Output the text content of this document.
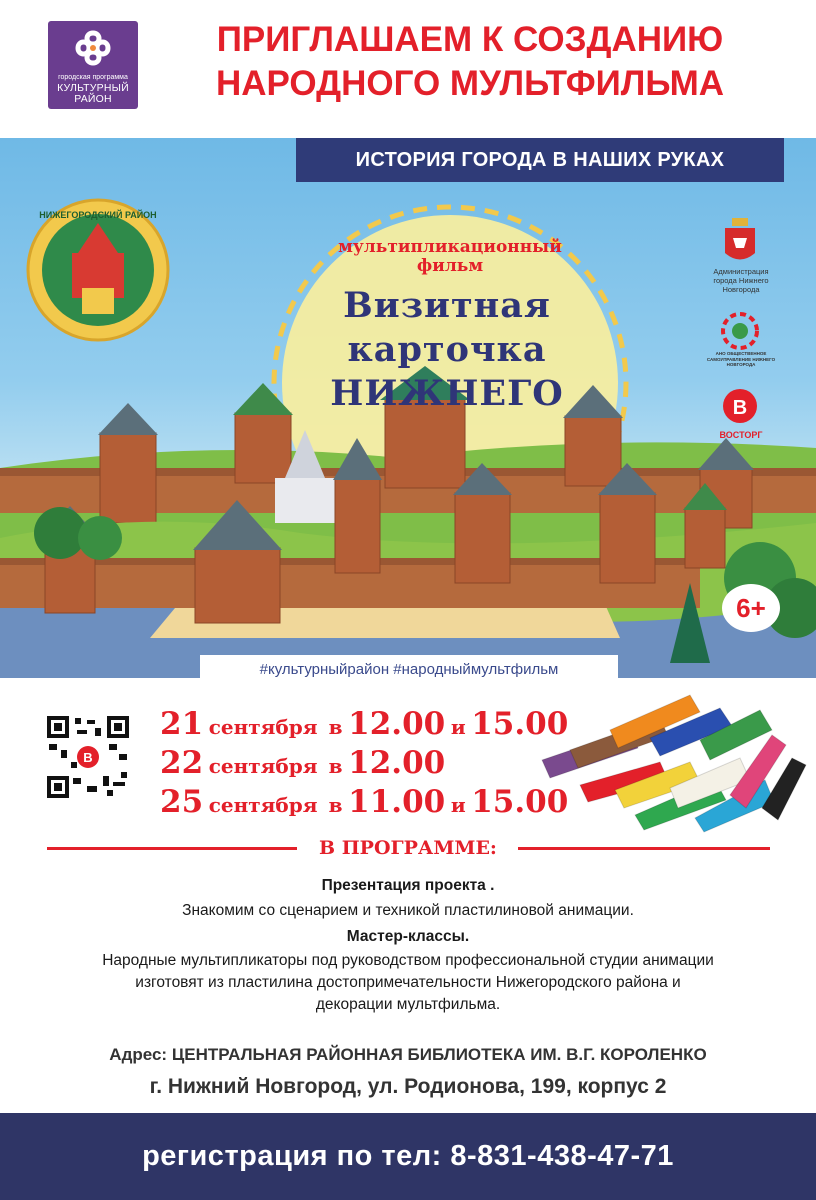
городская программа
КУЛЬТУРНЫЙ РАЙОН
ПРИГЛАШАЕМ К СОЗДАНИЮ
НАРОДНОГО МУЛЬТФИЛЬМА
НИЖЕГОРОДСКИЙ РАЙОН
В
ИСТОРИЯ ГОРОДА В НАШИХ РУКАХ
мультипликационный
фильм
Визитная карточка
НИЖНЕГО
Администрация города Нижнего Новгорода
АНО ОБЩЕСТВЕННОЕ САМОУПРАВЛЕНИЕ НИЖНЕГО НОВГОРОДА
ВОСТОРГ
6+
#культурныйрайон #народныймультфильм
В
21 сентября в 12.00 и 15.00
22 сентября в 12.00
25 сентября в 11.00 и 15.00
В ПРОГРАММЕ:
Презентация проекта .
Знакомим со сценарием и техникой пластилиновой анимации.
Мастер-классы.
Народные мультипликаторы под руководством профессиональной студии анимации
изготовят из пластилина достопримечательности Нижегородского района и
декорации мультфильма.
Адрес: ЦЕНТРАЛЬНАЯ РАЙОННАЯ БИБЛИОТЕКА ИМ. В.Г. КОРОЛЕНКО
г. Нижний Новгород, ул. Родионова, 199, корпус 2
регистрация по тел: 8-831-438-47-71
